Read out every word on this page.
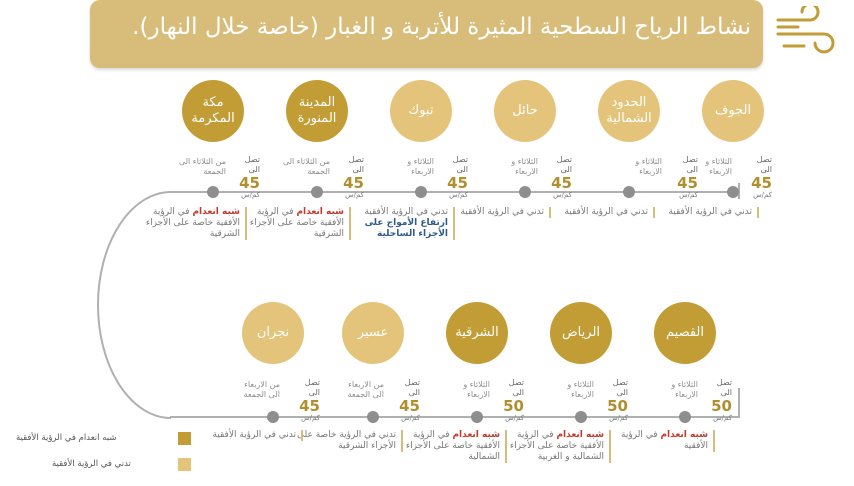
نشاط الرياح السطحية المثيرة للأتربة و الغبار (خاصة خلال النهار).
الجوف
تصل الى
45
كم/س
الثلاثاء و الاربعاء
تدني في الرؤية الأفقية
الحدود الشمالية
تصل الى
45
كم/س
الثلاثاء و الاربعاء
تدني في الرؤية الأفقية
حائل
تصل الى
45
كم/س
الثلاثاء و الاربعاء
تدني في الرؤية الأفقية
تبوك
تصل الى
45
كم/س
الثلاثاء و الاربعاء
تدني في الرؤية الأفقية ارتفاع الأمواج على الأجزاء الساحلية
المدينة المنورة
تصل الى
45
كم/س
من الثلاثاء الى الجمعة
شبه انعدام في الرؤية الأفقية خاصة على الأجزاء الشرقية
مكة المكرمة
تصل الى
45
كم/س
من الثلاثاء الى الجمعة
شبه انعدام في الرؤية الأفقية خاصة على الأجزاء الشرقية
القصيم
تصل الى
50
كم/س
الثلاثاء و الاربعاء
شبه انعدام في الرؤية الأفقية
الرياض
تصل الى
50
كم/س
الثلاثاء و الاربعاء
شبه انعدام في الرؤية الأفقية خاصة على الأجزاء الشمالية و الغربية
الشرقية
تصل الى
50
كم/س
الثلاثاء و الاربعاء
شبه انعدام في الرؤية الأفقية خاصة على الأجزاء الشمالية
عسير
تصل الى
45
كم/س
من الاربعاء الى الجمعة
تدني في الرؤية خاصة على الأجزاء الشرقية
نجران
تصل الى
45
كم/س
من الاربعاء الى الجمعة
تدني في الرؤية الأفقية
شبه انعدام في الرؤية الأفقية
تدني في الرؤية الأفقية
